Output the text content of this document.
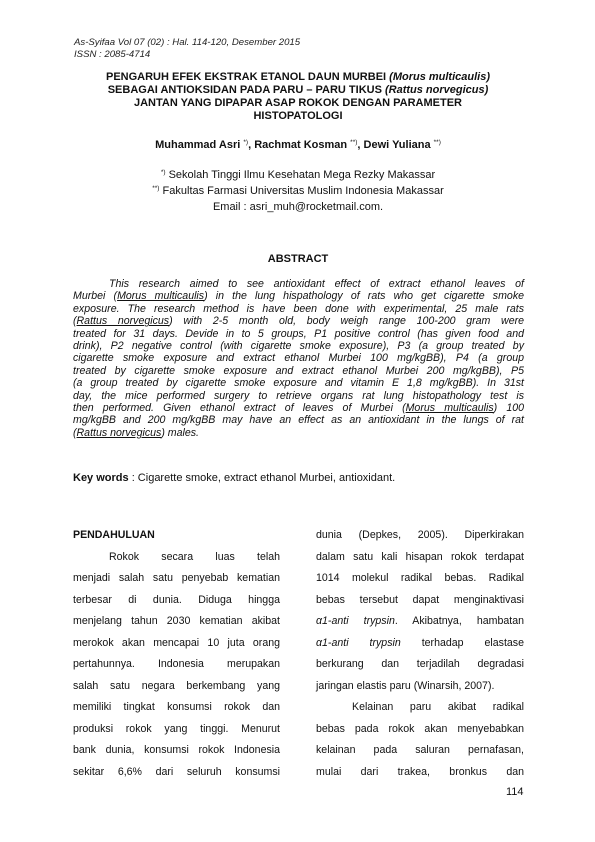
As-Syifaa Vol 07 (02) : Hal. 114-120, Desember 2015
ISSN : 2085-4714
PENGARUH EFEK EKSTRAK ETANOL DAUN MURBEI (Morus multicaulis)
SEBAGAI ANTIOKSIDAN PADA PARU – PARU TIKUS (Rattus norvegicus)
JANTAN YANG DIPAPAR ASAP ROKOK DENGAN PARAMETER
HISTOPATOLOGI
Muhammad Asri *), Rachmat Kosman **), Dewi Yuliana **)
*) Sekolah Tinggi Ilmu Kesehatan Mega Rezky Makassar
**) Fakultas Farmasi Universitas Muslim Indonesia Makassar
Email : asri_muh@rocketmail.com.
ABSTRACT
This research aimed to see antioxidant effect of extract ethanol leaves of
Murbei (Morus multicaulis) in the lung hispathology of rats who get cigarette smoke
exposure. The research method is have been done with experimental, 25 male rats
(Rattus norvegicus) with 2-5 month old, body weigh range 100-200 gram were
treated for 31 days. Devide in to 5 groups, P1 positive control (has given food and
drink), P2 negative control (with cigarette smoke exposure), P3 (a group treated by
cigarette smoke exposure and extract ethanol Murbei 100 mg/kgBB), P4 (a group
treated by cigarette smoke exposure and extract ethanol Murbei 200 mg/kgBB), P5
(a group treated by cigarette smoke exposure and vitamin E 1,8 mg/kgBB). In 31st
day, the mice performed surgery to retrieve organs rat lung histopathology test is
then performed. Given ethanol extract of leaves of Murbei (Morus multicaulis) 100
mg/kgBB and 200 mg/kgBB may have an effect as an antioxidant in the lungs of rat
(Rattus norvegicus) males.
Key words : Cigarette smoke, extract ethanol Murbei, antioxidant.
PENDAHULUAN
Rokok secara luas telah
menjadi salah satu penyebab kematian
terbesar di dunia. Diduga hingga
menjelang tahun 2030 kematian akibat
merokok akan mencapai 10 juta orang
pertahunnya. Indonesia merupakan
salah satu negara berkembang yang
memiliki tingkat konsumsi rokok dan
produksi rokok yang tinggi. Menurut
bank dunia, konsumsi rokok Indonesia
sekitar 6,6% dari seluruh konsumsi
dunia (Depkes, 2005). Diperkirakan
dalam satu kali hisapan rokok terdapat
1014 molekul radikal bebas. Radikal
bebas tersebut dapat menginaktivasi
α1-anti trypsin. Akibatnya, hambatan
α1-anti trypsin terhadap elastase
berkurang dan terjadilah degradasi
jaringan elastis paru (Winarsih, 2007).
Kelainan paru akibat radikal
bebas pada rokok akan menyebabkan
kelainan pada saluran pernafasan,
mulai dari trakea, bronkus dan
114
